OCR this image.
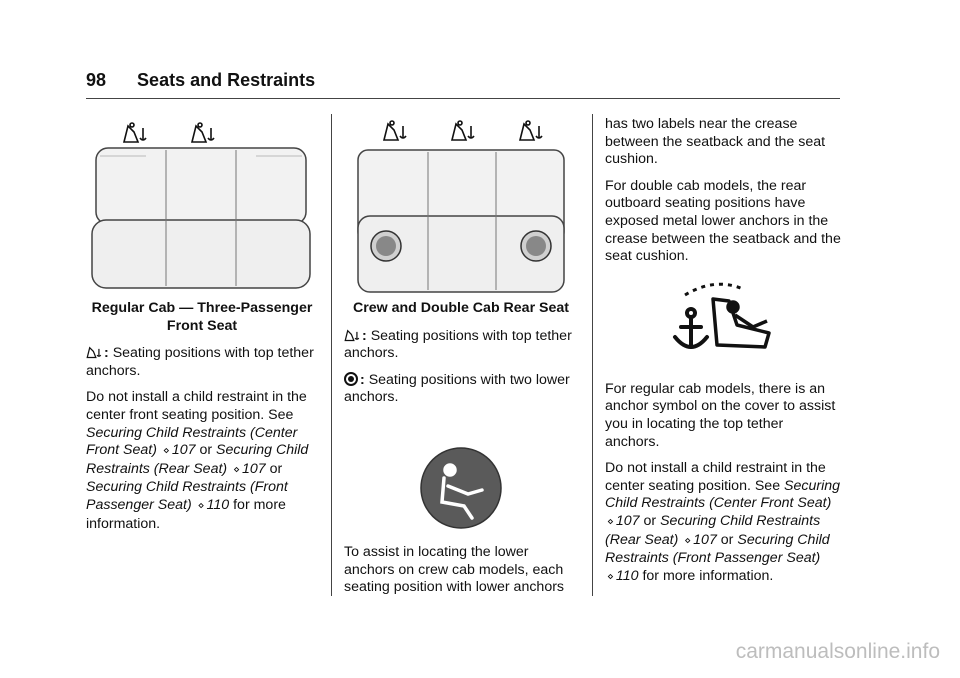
98 Seats and Restraints
Regular Cab — Three-Passenger
Front Seat

: Seating positions with top tether anchors.

Do not install a child restraint in the center front seating position. See Securing Child Restraints (Center Front Seat) ⋄ 107 or Securing Child Restraints (Rear Seat) ⋄ 107 or Securing Child Restraints (Front Passenger Seat) ⋄ 110 for more information.

Crew and Double Cab Rear Seat

: Seating positions with top tether anchors.

: Seating positions with two lower anchors.

To assist in locating the lower anchors on crew cab models, each seating position with lower anchors

has two labels near the crease between the seatback and the seat cushion.

For double cab models, the rear outboard seating positions have exposed metal lower anchors in the crease between the seatback and the seat cushion.

For regular cab models, there is an anchor symbol on the cover to assist you in locating the top tether anchors.

Do not install a child restraint in the center seating position. See Securing Child Restraints (Center Front Seat) ⋄ 107 or Securing Child Restraints (Rear Seat) ⋄ 107 or Securing Child Restraints (Front Passenger Seat) ⋄ 110 for more information.

carmanualsonline.info
